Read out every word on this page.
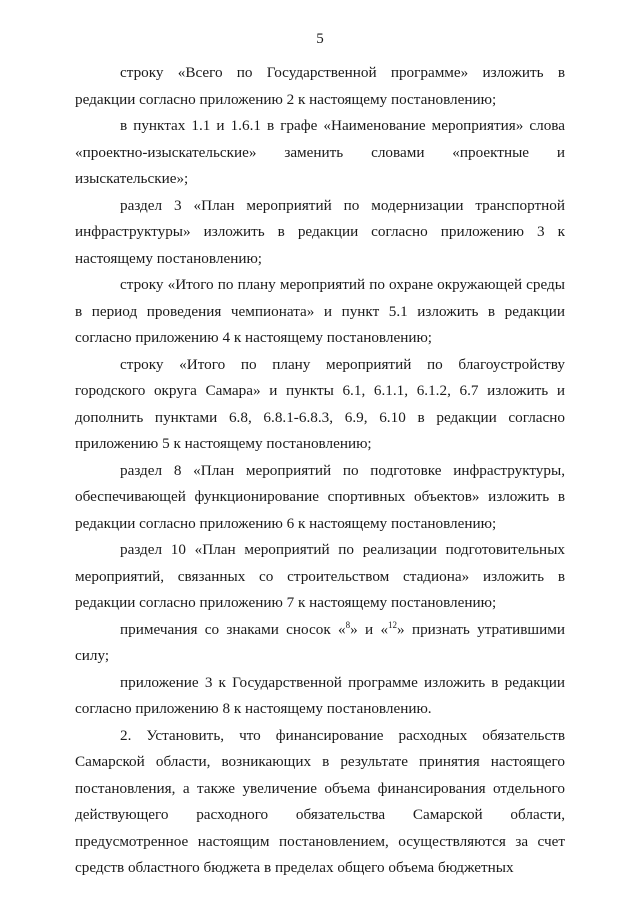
5

строку «Всего по Государственной программе» изложить в редакции согласно приложению 2 к настоящему постановлению;

в пунктах 1.1 и 1.6.1 в графе «Наименование мероприятия» слова «проектно-изыскательские» заменить словами «проектные и изыскательские»;

раздел 3 «План мероприятий по модернизации транспортной инфраструктуры» изложить в редакции согласно приложению 3 к настоящему постановлению;

строку «Итого по плану мероприятий по охране окружающей среды в период проведения чемпионата» и пункт 5.1 изложить в редакции согласно приложению 4 к настоящему постановлению;

строку «Итого по плану мероприятий по благоустройству городского округа Самара» и пункты 6.1, 6.1.1, 6.1.2, 6.7 изложить и дополнить пунктами 6.8, 6.8.1-6.8.3, 6.9, 6.10 в редакции согласно приложению 5 к настоящему постановлению;

раздел 8 «План мероприятий по подготовке инфраструктуры, обеспечивающей функционирование спортивных объектов» изложить в редакции согласно приложению 6 к настоящему постановлению;

раздел 10 «План мероприятий по реализации подготовительных мероприятий, связанных со строительством стадиона» изложить в редакции согласно приложению 7 к настоящему постановлению;

примечания со знаками сносок «$^8$» и «$^{12}$» признать утратившими силу;

приложение 3 к Государственной программе изложить в редакции согласно приложению 8 к настоящему постановлению.

2. Установить, что финансирование расходных обязательств Самарской области, возникающих в результате принятия настоящего постановления, а также увеличение объема финансирования отдельного действующего расходного обязательства Самарской области, предусмотренное настоящим постановлением, осуществляются за счет средств областного бюджета в пределах общего объема бюджетных
